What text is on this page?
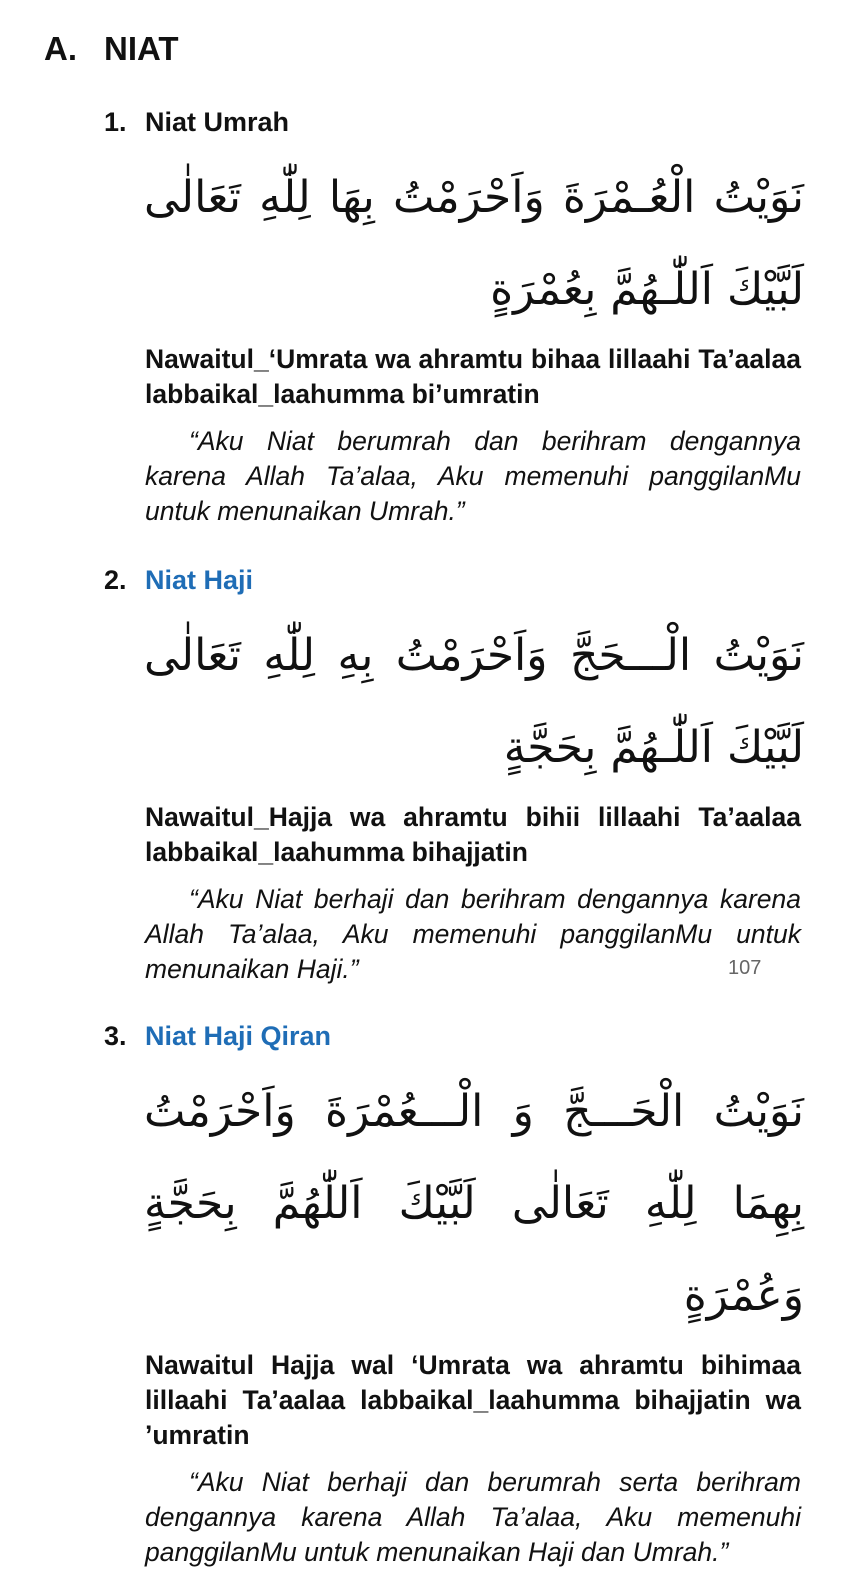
A. NIAT
1. Niat Umrah
نَوَيْتُ الْعُـمْرَةَ وَاَحْرَمْتُ بِهَا لِلّٰهِ تَعَالٰى لَبَّيْكَ اَللّٰـهُمَّ بِعُمْرَةٍ
Nawaitul_‘Umrata wa ahramtu bihaa lillaahi Ta’aalaa labbaikal_laahumma bi’umratin
“Aku Niat berumrah dan berihram dengannya karena Allah Ta’alaa, Aku memenuhi panggilanMu untuk menunaikan Umrah.”
2. Niat Haji
نَوَيْتُ الْـــحَجَّ وَاَحْرَمْتُ بِهِ لِلّٰهِ تَعَالٰى لَبَّيْكَ اَللّٰـهُمَّ بِحَجَّةٍ
Nawaitul_Hajja wa ahramtu bihii lillaahi Ta’aalaa labbaikal_laahumma bihajjatin
“Aku Niat berhaji dan berihram dengannya karena Allah Ta’alaa, Aku memenuhi panggilanMu untuk menunaikan Haji.”	107
3. Niat Haji Qiran
نَوَيْتُ الْحَـــجَّ وَ الْـــعُمْرَةَ وَاَحْرَمْتُ بِهِمَا لِلّٰهِ تَعَالٰى لَبَّيْكَ اَللّٰهُمَّ بِحَجَّةٍ وَعُمْرَةٍ
Nawaitul Hajja wal ‘Umrata wa ahramtu bihimaa lillaahi Ta’aalaa labbaikal_laahumma bihajjatin wa ’umratin
“Aku Niat berhaji dan berumrah serta berihram dengannya karena Allah Ta’alaa, Aku memenuhi panggilanMu untuk menunaikan Haji dan Umrah.”
